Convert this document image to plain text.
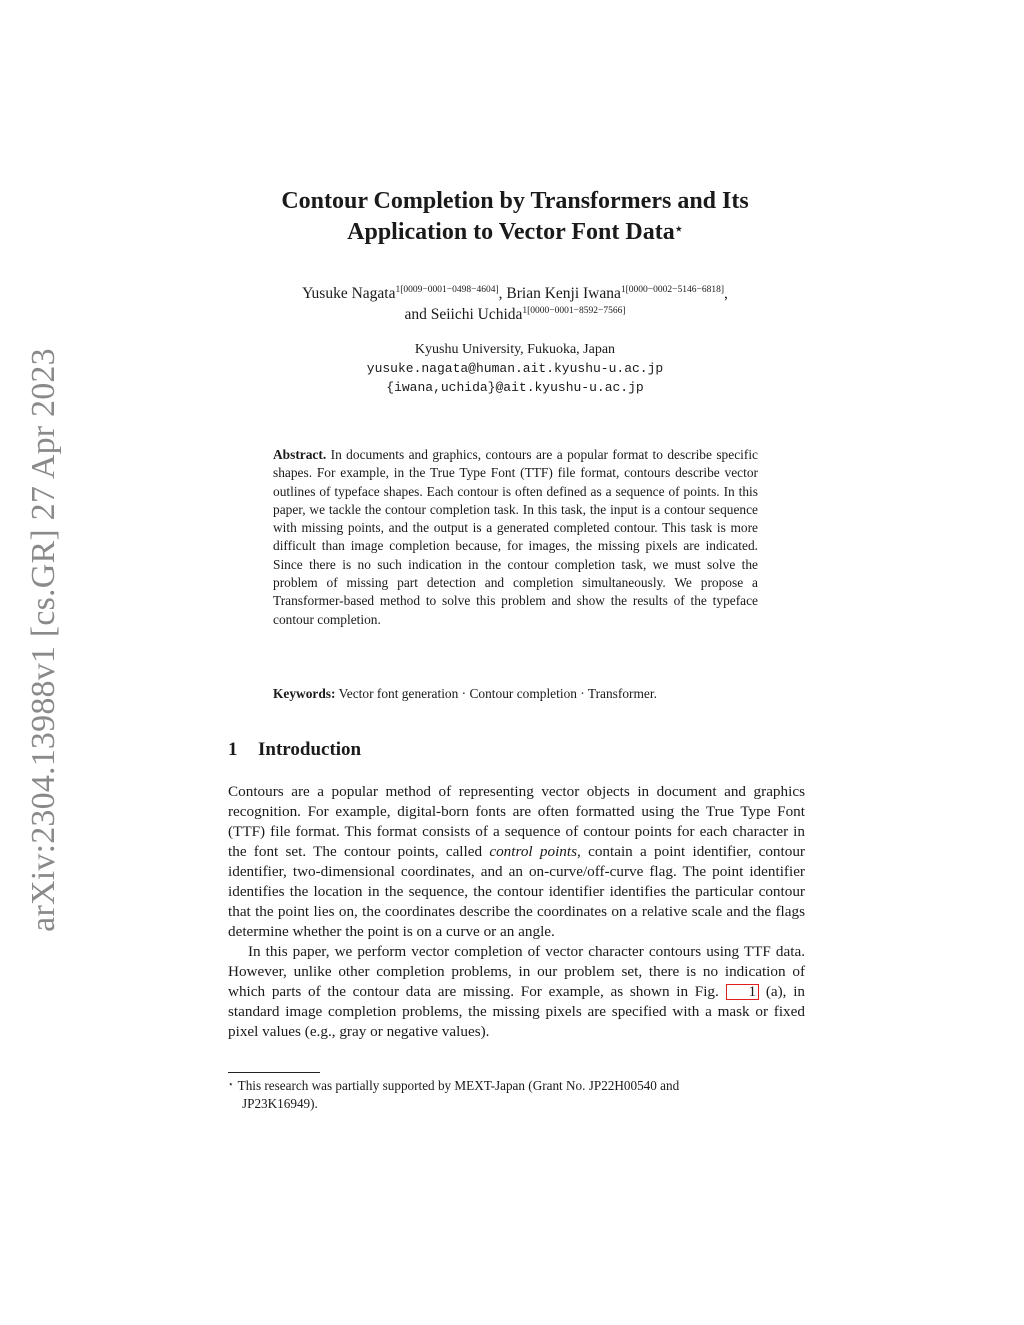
arXiv:2304.13988v1 [cs.GR] 27 Apr 2023
Contour Completion by Transformers and Its
Application to Vector Font Data⋆
Yusuke Nagata$^{1[0009-0001-0498-4604]}$, Brian Kenji Iwana$^{1[0000-0002-5146-6818]}$,
and Seiichi Uchida$^{1[0000-0001-8592-7566]}$
Kyushu University, Fukuoka, Japan
yusuke.nagata@human.ait.kyushu-u.ac.jp
{iwana,uchida}@ait.kyushu-u.ac.jp
Abstract. In documents and graphics, contours are a popular format to describe specific shapes. For example, in the True Type Font (TTF) file format, contours describe vector outlines of typeface shapes. Each contour is often defined as a sequence of points. In this paper, we tackle the contour completion task. In this task, the input is a contour sequence with missing points, and the output is a generated completed contour. This task is more difficult than image completion because, for images, the missing pixels are indicated. Since there is no such indication in the contour completion task, we must solve the problem of missing part detection and completion simultaneously. We propose a Transformer-based method to solve this problem and show the results of the typeface contour completion.
Keywords: Vector font generation · Contour completion · Transformer.
1 Introduction

Contours are a popular method of representing vector objects in document and graphics recognition. For example, digital-born fonts are often formatted using the True Type Font (TTF) file format. This format consists of a sequence of contour points for each character in the font set. The contour points, called control points, contain a point identifier, contour identifier, two-dimensional coordinates, and an on-curve/off-curve flag. The point identifier identifies the location in the sequence, the contour identifier identifies the particular contour that the point lies on, the coordinates describe the coordinates on a relative scale and the flags determine whether the point is on a curve or an angle.

In this paper, we perform vector completion of vector character contours using TTF data. However, unlike other completion problems, in our problem set, there is no indication of which parts of the contour data are missing. For example, as shown in Fig. 1 (a), in standard image completion problems, the missing pixels are specified with a mask or fixed pixel values (e.g., gray or negative values).

⋆ This research was partially supported by MEXT-Japan (Grant No. JP22H00540 and
JP23K16949).
